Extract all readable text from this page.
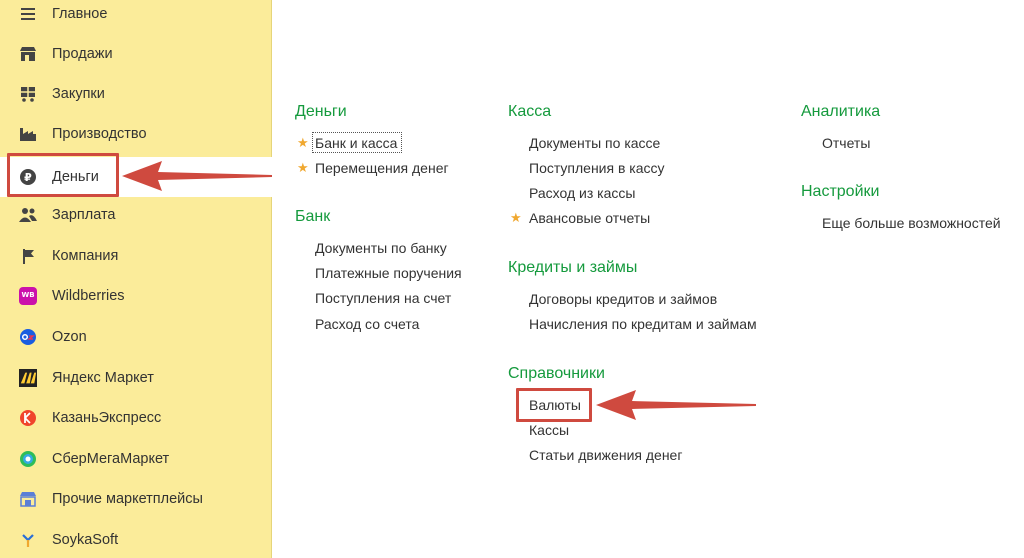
Главное
Продажи
Закупки
Производство
₽ Деньги
Зарплата
Компания
WB Wildberries
Ozon
Яндекс Маркет
КазаньЭкспресс
СберМегаМаркет
Прочие маркетплейсы
SoykaSoft
Деньги
★ Банк и касса
★ Перемещения денег
Банк
Документы по банку
Платежные поручения
Поступления на счет
Расход со счета
Касса
Документы по кассе
Поступления в кассу
Расход из кассы
★ Авансовые отчеты
Кредиты и займы
Договоры кредитов и займов
Начисления по кредитам и займам
Справочники
Валюты
Кассы
Статьи движения денег
Аналитика
Отчеты
Настройки
Еще больше возможностей
